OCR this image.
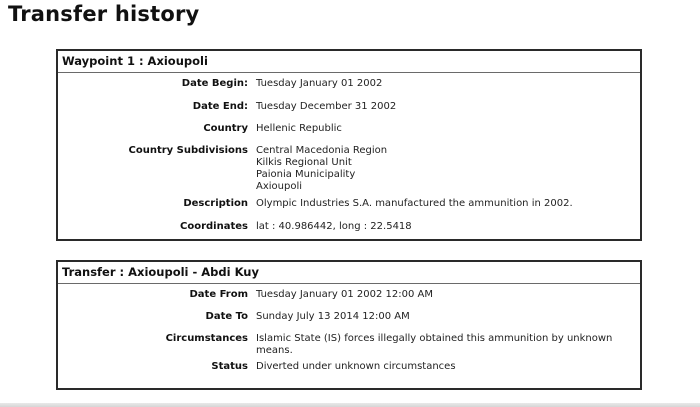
Transfer history
Waypoint 1 : Axioupoli
Date Begin: Tuesday January 01 2002
Date End: Tuesday December 31 2002
Country Hellenic Republic
Country Subdivisions Central Macedonia Region
Kilkis Regional Unit
Paionia Municipality
Axioupoli
Description Olympic Industries S.A. manufactured the ammunition in 2002.
Coordinates lat : 40.986442, long : 22.5418
Transfer : Axioupoli - Abdi Kuy
Date From Tuesday January 01 2002 12:00 AM
Date To Sunday July 13 2014 12:00 AM
Circumstances Islamic State (IS) forces illegally obtained this ammunition by unknown means.
Status Diverted under unknown circumstances
